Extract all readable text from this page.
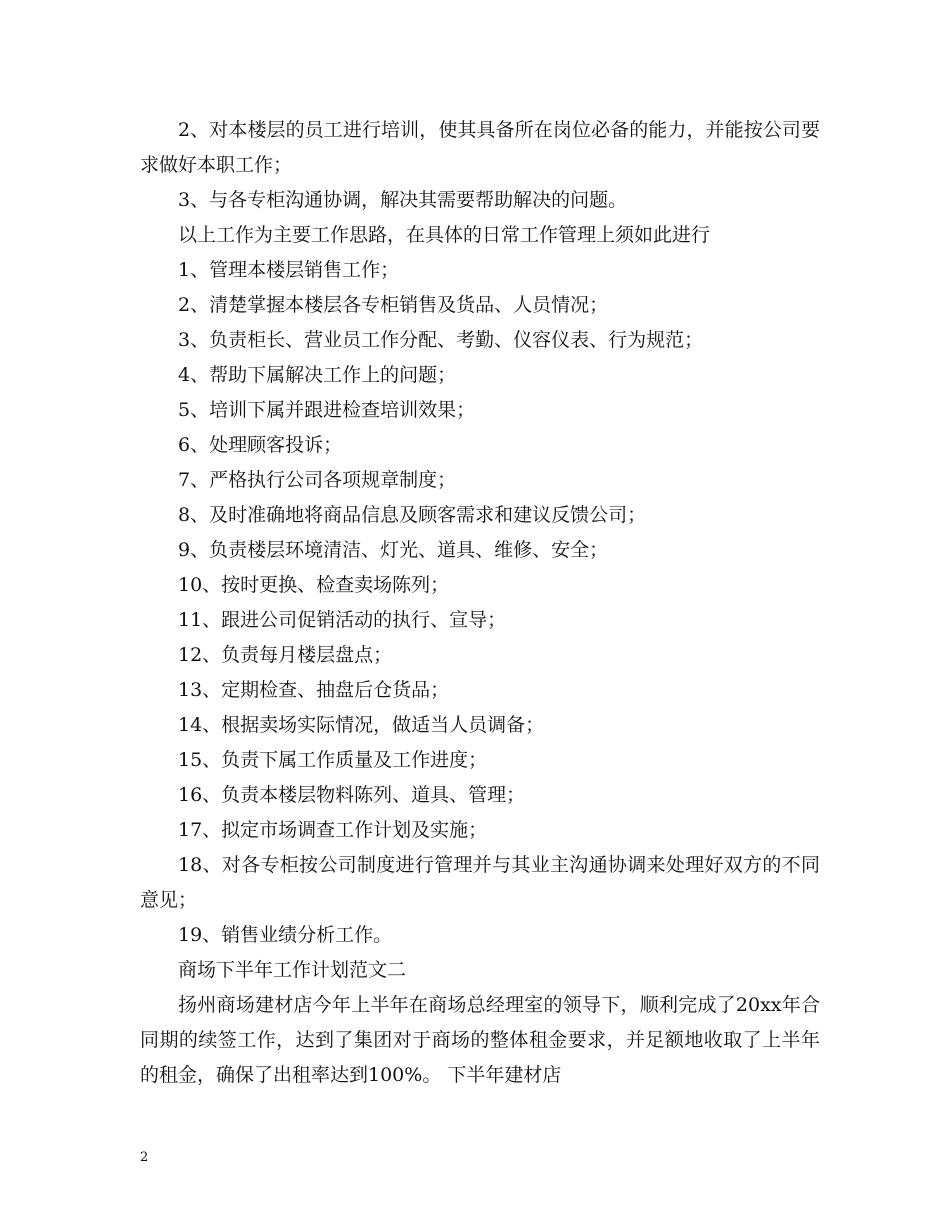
2、对本楼层的员工进行培训，使其具备所在岗位必备的能力，并能按公司要求做好本职工作；

3、与各专柜沟通协调，解决其需要帮助解决的问题。

以上工作为主要工作思路，在具体的日常工作管理上须如此进行

1、管理本楼层销售工作；

2、清楚掌握本楼层各专柜销售及货品、人员情况；

3、负责柜长、营业员工作分配、考勤、仪容仪表、行为规范；

4、帮助下属解决工作上的问题；

5、培训下属并跟进检查培训效果；

6、处理顾客投诉；

7、严格执行公司各项规章制度；

8、及时准确地将商品信息及顾客需求和建议反馈公司；

9、负责楼层环境清洁、灯光、道具、维修、安全；

10、按时更换、检查卖场陈列；

11、跟进公司促销活动的执行、宣导；

12、负责每月楼层盘点；

13、定期检查、抽盘后仓货品；

14、根据卖场实际情况，做适当人员调备；

15、负责下属工作质量及工作进度；

16、负责本楼层物料陈列、道具、管理；

17、拟定市场调查工作计划及实施；

18、对各专柜按公司制度进行管理并与其业主沟通协调来处理好双方的不同意见；

19、销售业绩分析工作。

商场下半年工作计划范文二

扬州商场建材店今年上半年在商场总经理室的领导下，顺利完成了20xx年合同期的续签工作，达到了集团对于商场的整体租金要求，并足额地收取了上半年的租金，确保了出租率达到100%。 下半年建材店

2
